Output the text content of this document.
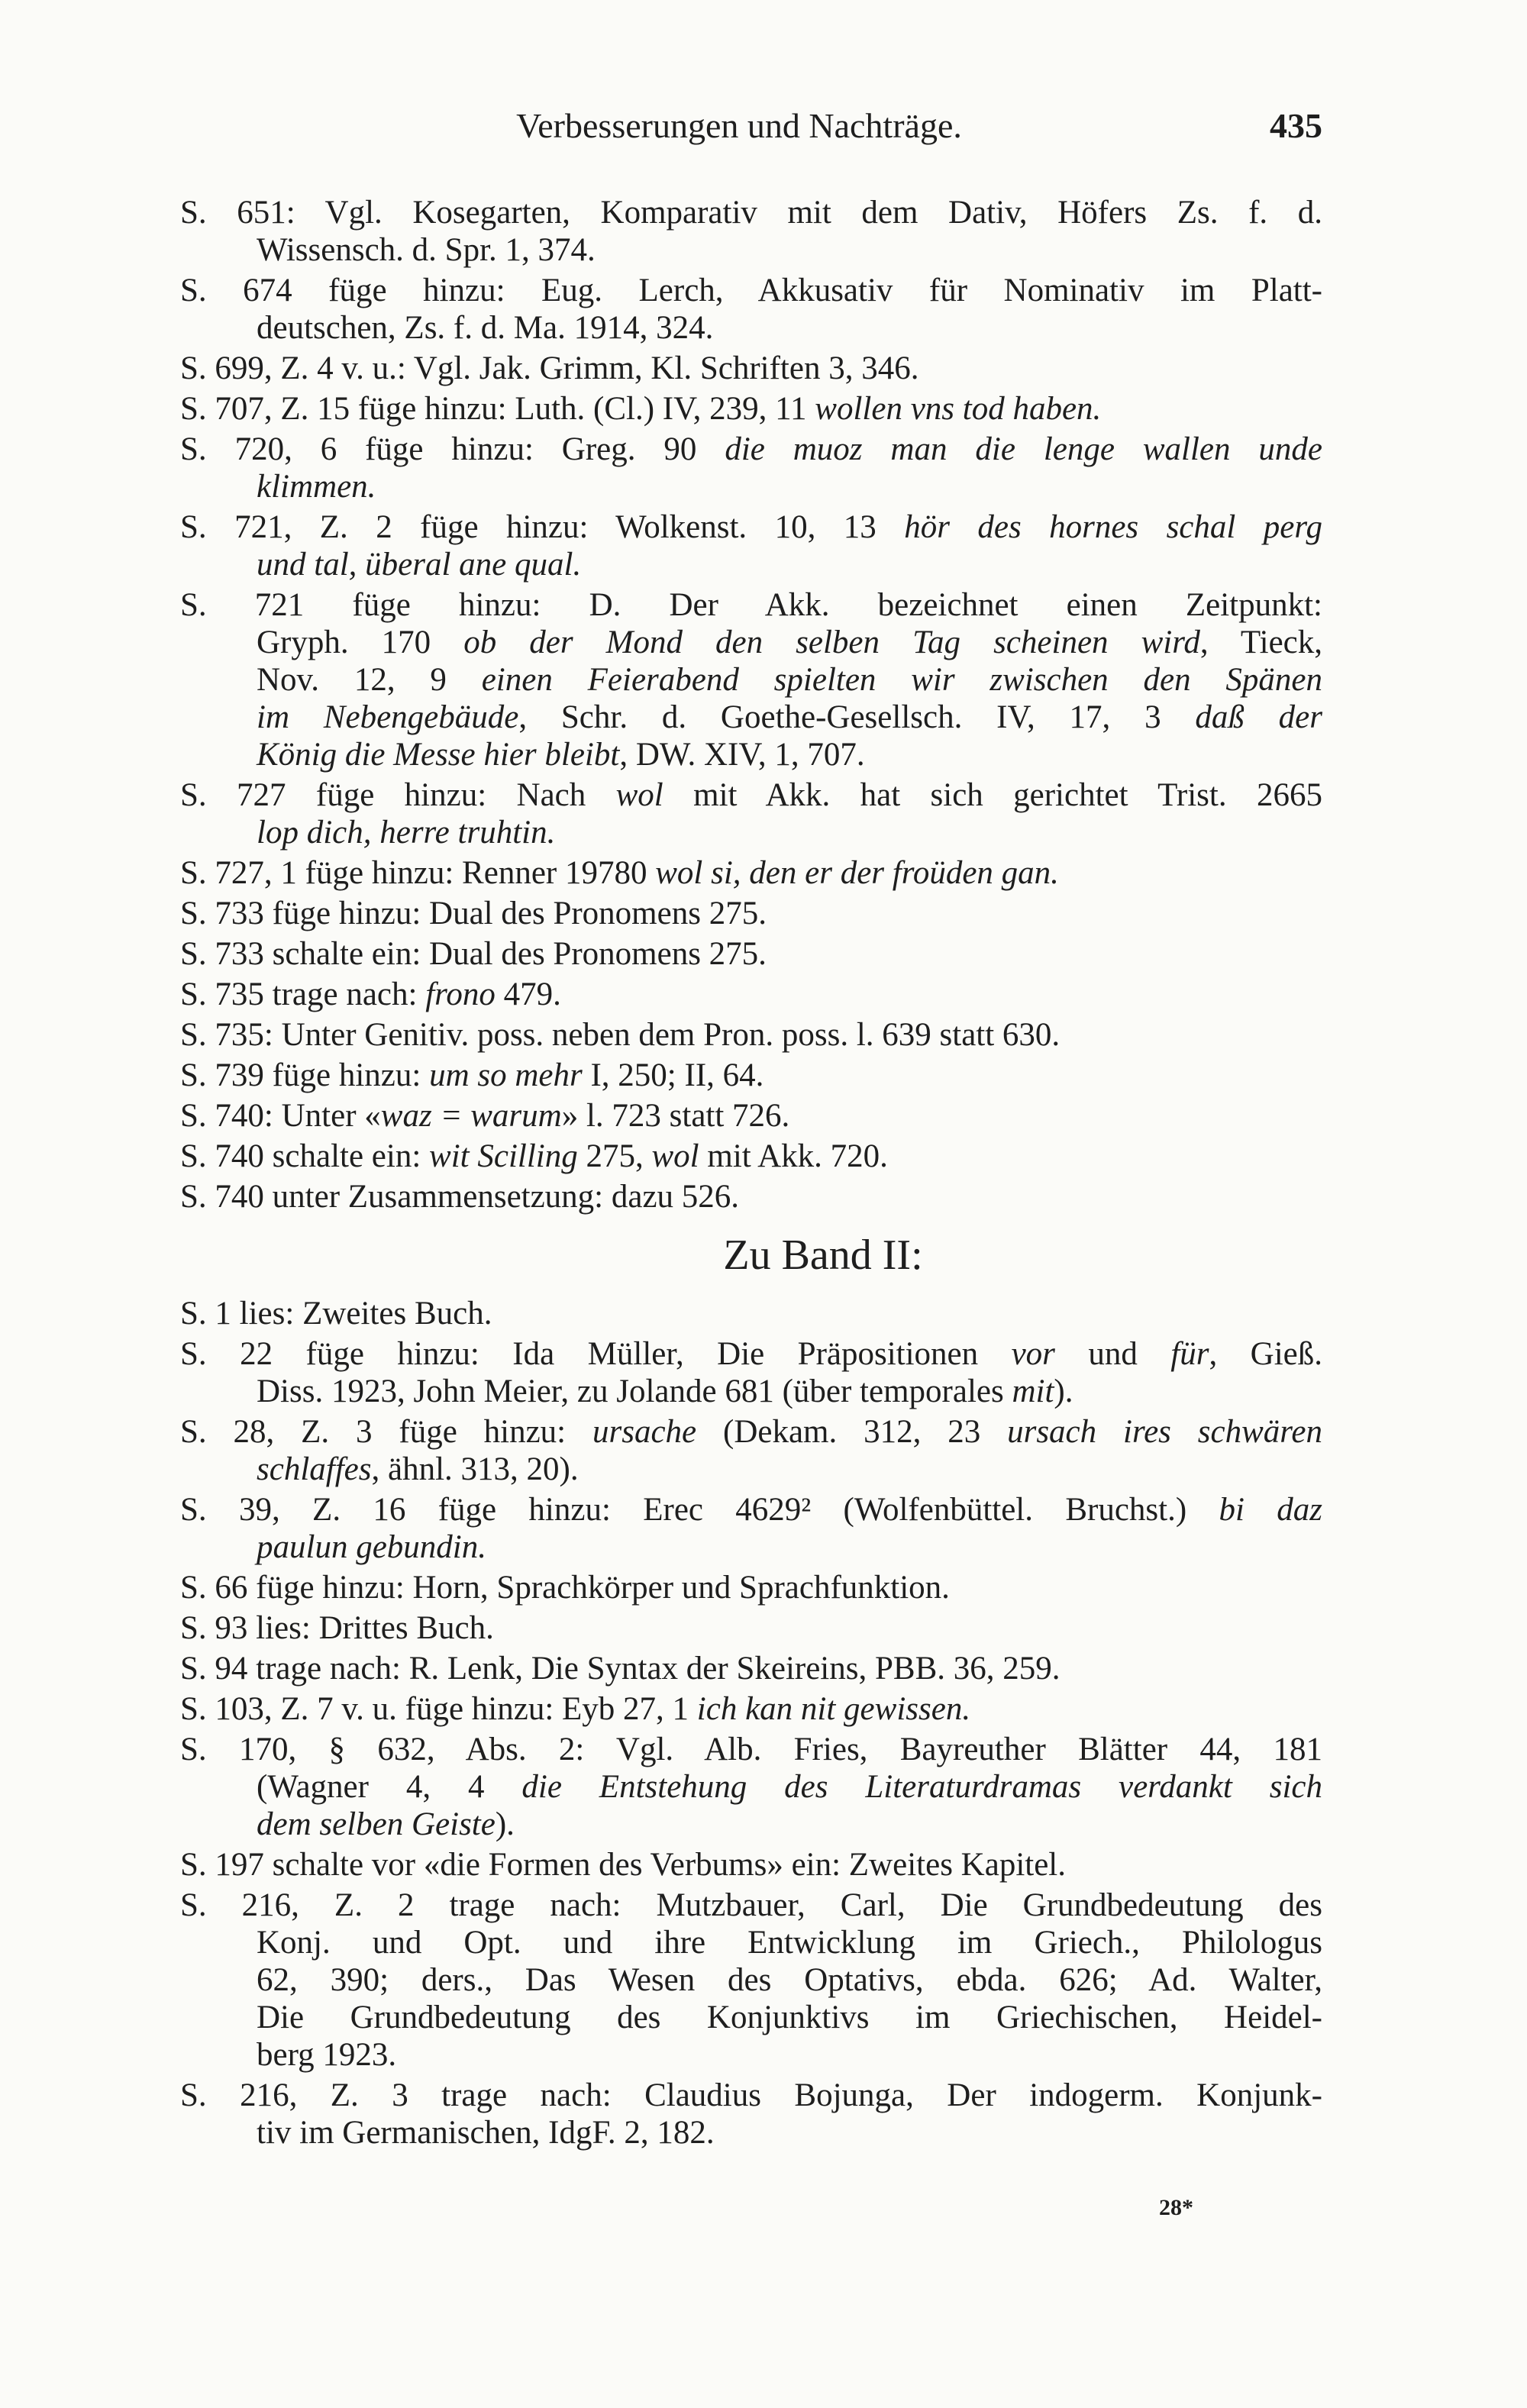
Verbesserungen und Nachträge.	435
S. 651: Vgl. Kosegarten, Komparativ mit dem Dativ, Höfers Zs. f. d.
Wissensch. d. Spr. 1, 374.
S. 674 füge hinzu: Eug. Lerch, Akkusativ für Nominativ im Platt-
deutschen, Zs. f. d. Ma. 1914, 324.
S. 699, Z. 4 v. u.: Vgl. Jak. Grimm, Kl. Schriften 3, 346.
S. 707, Z. 15 füge hinzu: Luth. (Cl.) IV, 239, 11 wollen vns tod haben.
S. 720, 6 füge hinzu: Greg. 90 die muoz man die lenge wallen unde
klimmen.
S. 721, Z. 2 füge hinzu: Wolkenst. 10, 13 hör des hornes schal perg
und tal, überal ane qual.
S. 721 füge hinzu: D. Der Akk. bezeichnet einen Zeitpunkt:
Gryph. 170 ob der Mond den selben Tag scheinen wird, Tieck,
Nov. 12, 9 einen Feierabend spielten wir zwischen den Spänen
im Nebengebäude, Schr. d. Goethe-Gesellsch. IV, 17, 3 daß der
König die Messe hier bleibt, DW. XIV, 1, 707.
S. 727 füge hinzu: Nach wol mit Akk. hat sich gerichtet Trist. 2665
lop dich, herre truhtin.
S. 727, 1 füge hinzu: Renner 19780 wol si, den er der froüden gan.
S. 733 füge hinzu: Dual des Pronomens 275.
S. 733 schalte ein: Dual des Pronomens 275.
S. 735 trage nach: frono 479.
S. 735: Unter Genitiv. poss. neben dem Pron. poss. l. 639 statt 630.
S. 739 füge hinzu: um so mehr I, 250; II, 64.
S. 740: Unter «waz = warum» l. 723 statt 726.
S. 740 schalte ein: wit Scilling 275, wol mit Akk. 720.
S. 740 unter Zusammensetzung: dazu 526.
Zu Band II:
S. 1 lies: Zweites Buch.
S. 22 füge hinzu: Ida Müller, Die Präpositionen vor und für, Gieß.
Diss. 1923, John Meier, zu Jolande 681 (über temporales mit).
S. 28, Z. 3 füge hinzu: ursache (Dekam. 312, 23 ursach ires schwären
schlaffes, ähnl. 313, 20).
S. 39, Z. 16 füge hinzu: Erec 4629² (Wolfenbüttel. Bruchst.) bi daz
paulun gebundin.
S. 66 füge hinzu: Horn, Sprachkörper und Sprachfunktion.
S. 93 lies: Drittes Buch.
S. 94 trage nach: R. Lenk, Die Syntax der Skeireins, PBB. 36, 259.
S. 103, Z. 7 v. u. füge hinzu: Eyb 27, 1 ich kan nit gewissen.
S. 170, § 632, Abs. 2: Vgl. Alb. Fries, Bayreuther Blätter 44, 181
(Wagner 4, 4 die Entstehung des Literaturdramas verdankt sich
dem selben Geiste).
S. 197 schalte vor «die Formen des Verbums» ein: Zweites Kapitel.
S. 216, Z. 2 trage nach: Mutzbauer, Carl, Die Grundbedeutung des
Konj. und Opt. und ihre Entwicklung im Griech., Philologus
62, 390; ders., Das Wesen des Optativs, ebda. 626; Ad. Walter,
Die Grundbedeutung des Konjunktivs im Griechischen, Heidel-
berg 1923.
S. 216, Z. 3 trage nach: Claudius Bojunga, Der indogerm. Konjunk-
tiv im Germanischen, IdgF. 2, 182.
28*
